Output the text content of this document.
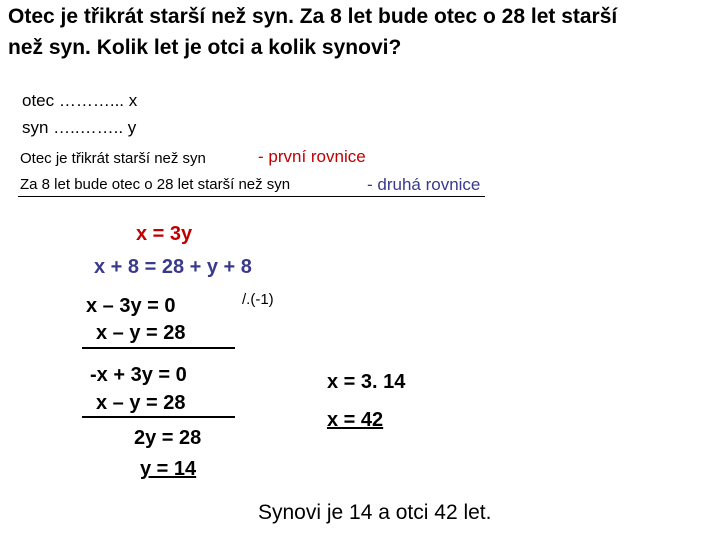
Otec je třikrát starší než syn. Za 8 let bude otec o 28 let starší
než syn. Kolik let je otci a kolik synovi?
otec ………... x
syn …..…….. y
Otec je třikrát starší než syn	- první rovnice
Za 8 let bude otec o 28 let starší než syn	- druhá rovnice
x = 3y
x + 8 = 28 + y + 8
x – 3y = 0	/.(-1)
x – y = 28
-x + 3y = 0
x – y = 28
2y = 28
y = 14
x = 3. 14
x = 42
Synovi je 14 a otci 42 let.
